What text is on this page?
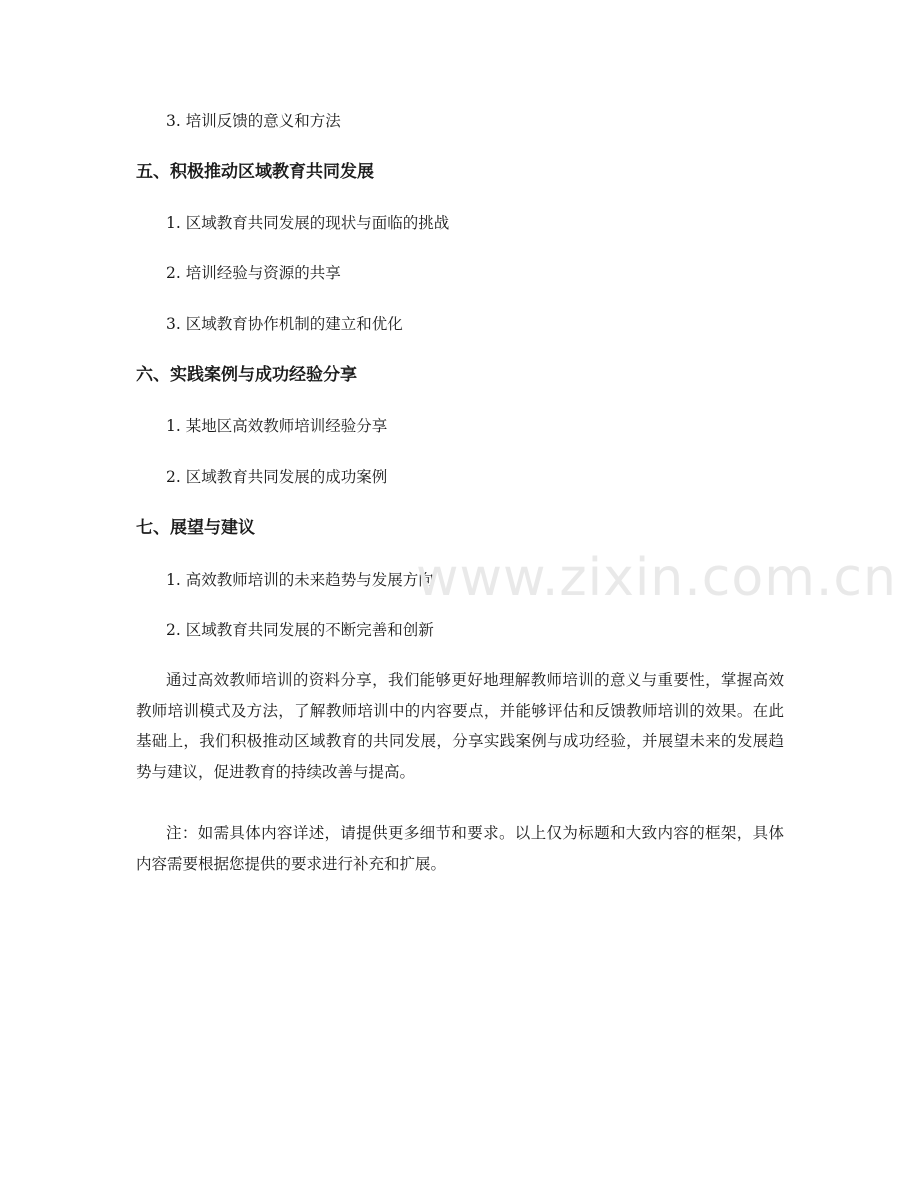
3. 培训反馈的意义和方法
五、积极推动区域教育共同发展
1. 区域教育共同发展的现状与面临的挑战
2. 培训经验与资源的共享
3. 区域教育协作机制的建立和优化
六、实践案例与成功经验分享
1. 某地区高效教师培训经验分享
2. 区域教育共同发展的成功案例
七、展望与建议
1. 高效教师培训的未来趋势与发展方向
2. 区域教育共同发展的不断完善和创新
通过高效教师培训的资料分享，我们能够更好地理解教师培训的意义与重要性，掌握高效教师培训模式及方法，了解教师培训中的内容要点，并能够评估和反馈教师培训的效果。在此基础上，我们积极推动区域教育的共同发展，分享实践案例与成功经验，并展望未来的发展趋势与建议，促进教育的持续改善与提高。
注：如需具体内容详述，请提供更多细节和要求。以上仅为标题和大致内容的框架，具体内容需要根据您提供的要求进行补充和扩展。
www.zixin.com.cn
